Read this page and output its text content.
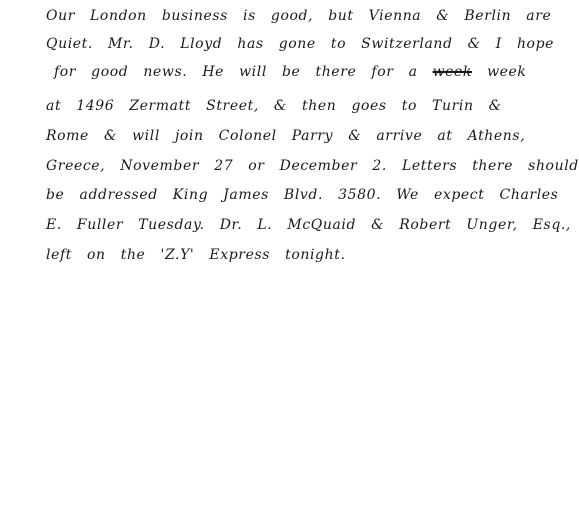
Our London business is good, but Vienna & Berlin are
Quiet. Mr. D. Lloyd has gone to Switzerland & I hope
for good news. He will be there for a week week
at 1496 Zermatt Street, & then goes to Turin &
Rome & will join Colonel Parry & arrive at Athens,
Greece, November 27 or December 2. Letters there should
be addressed King James Blvd. 3580. We expect Charles
E. Fuller Tuesday. Dr. L. McQuaid & Robert Unger, Esq.,
left on the 'Z.Y' Express tonight.
